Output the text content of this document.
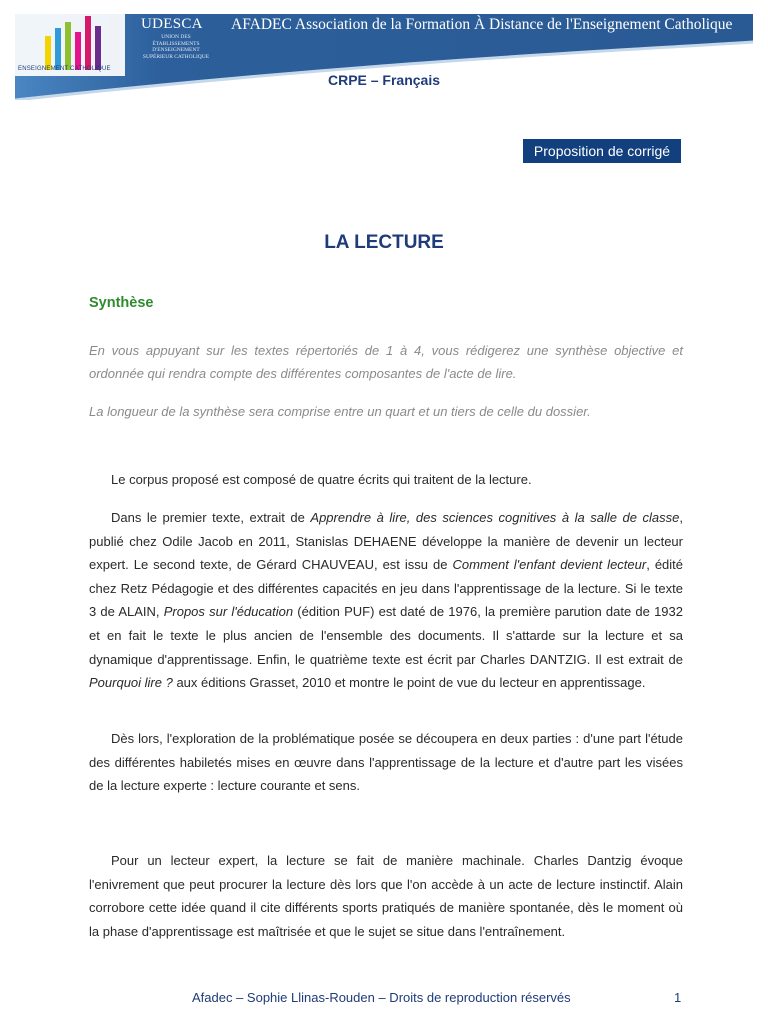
UDESCA
UNION DES ÉTABLISSEMENTS D'ENSEIGNEMENT SUPÉRIEUR CATHOLIQUE
AFADEC Association de la Formation À Distance de l'Enseignement Catholique
ENSEIGNEMENT CATHOLIQUE
CRPE – Français
Proposition de corrigé
LA LECTURE
Synthèse

En vous appuyant sur les textes répertoriés de 1 à 4, vous rédigerez une synthèse objective et ordonnée qui rendra compte des différentes composantes de l'acte de lire.

La longueur de la synthèse sera comprise entre un quart et un tiers de celle du dossier.

Le corpus proposé est composé de quatre écrits qui traitent de la lecture.

Dans le premier texte, extrait de Apprendre à lire, des sciences cognitives à la salle de classe, publié chez Odile Jacob en 2011, Stanislas DEHAENE développe la manière de devenir un lecteur expert. Le second texte, de Gérard CHAUVEAU, est issu de Comment l'enfant devient lecteur, édité chez Retz Pédagogie et des différentes capacités en jeu dans l'apprentissage de la lecture. Si le texte 3 de ALAIN, Propos sur l'éducation (édition PUF) est daté de 1976, la première parution date de 1932 et en fait le texte le plus ancien de l'ensemble des documents. Il s'attarde sur la lecture et sa dynamique d'apprentissage. Enfin, le quatrième texte est écrit par Charles DANTZIG. Il est extrait de Pourquoi lire ? aux éditions Grasset, 2010 et montre le point de vue du lecteur en apprentissage.

Dès lors, l'exploration de la problématique posée se découpera en deux parties : d'une part l'étude des différentes habiletés mises en œuvre dans l'apprentissage de la lecture et d'autre part les visées de la lecture experte : lecture courante et sens.

Pour un lecteur expert, la lecture se fait de manière machinale. Charles Dantzig évoque l'enivrement que peut procurer la lecture dès lors que l'on accède à un acte de lecture instinctif. Alain corrobore cette idée quand il cite différents sports pratiqués de manière spontanée, dès le moment où la phase d'apprentissage est maîtrisée et que le sujet se situe dans l'entraînement.

Afadec – Sophie Llinas-Rouden – Droits de reproduction réservés	1
